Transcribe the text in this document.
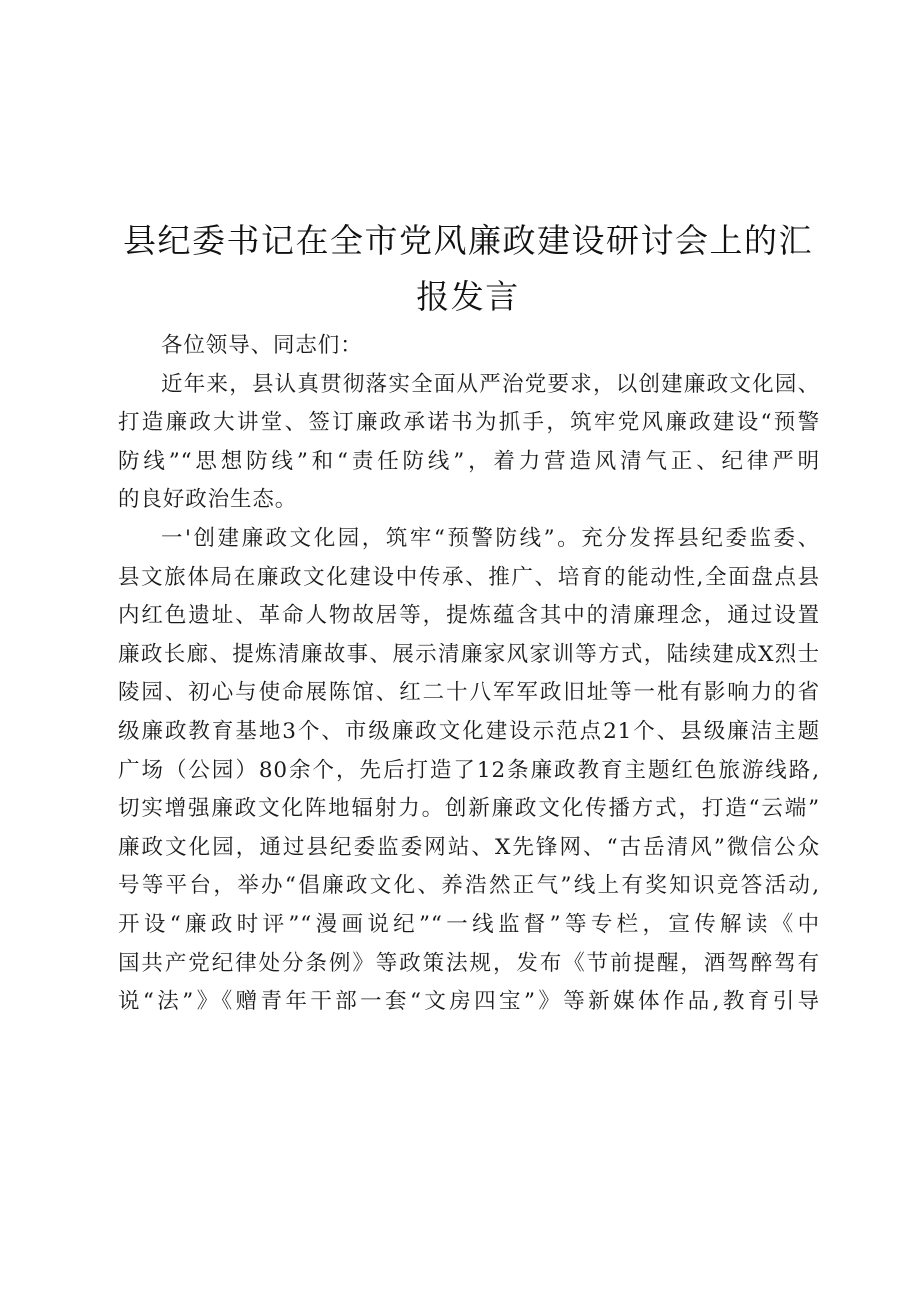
县纪委书记在全市党风廉政建设研讨会上的汇
报发言

各位领导、同志们：

近年来，县认真贯彻落实全面从严治党要求，以创建廉政文化园、
打造廉政大讲堂、签订廉政承诺书为抓手，筑牢党风廉政建设“预警
防线”“思想防线”和“责任防线”，着力营造风清气正、纪律严明
的良好政治生态。
一'创建廉政文化园，筑牢“预警防线”。充分发挥县纪委监委、
县文旅体局在廉政文化建设中传承、推广、培育的能动性,全面盘点县
内红色遗址、革命人物故居等，提炼蕴含其中的清廉理念，通过设置
廉政长廊、提炼清廉故事、展示清廉家风家训等方式，陆续建成X烈士
陵园、初心与使命展陈馆、红二十八军军政旧址等一枇有影响力的省
级廉政教育基地3个、市级廉政文化建设示范点21个、县级廉洁主题
广场（公园）80余个，先后打造了12条廉政教育主题红色旅游线路,
切实增强廉政文化阵地辐射力。创新廉政文化传播方式，打造“云端”
廉政文化园，通过县纪委监委网站、X先锋网、“古岳清风”微信公众
号等平台，举办“倡廉政文化、养浩然正气”线上有奖知识竞答活动,
开设“廉政时评”“漫画说纪”“一线监督”等专栏，宣传解读《中
国共产党纪律处分条例》等政策法规，发布《节前提醒，酒驾醉驾有
说“法”》《赠青年干部一套“文房四宝”》等新媒体作品,教育引导
